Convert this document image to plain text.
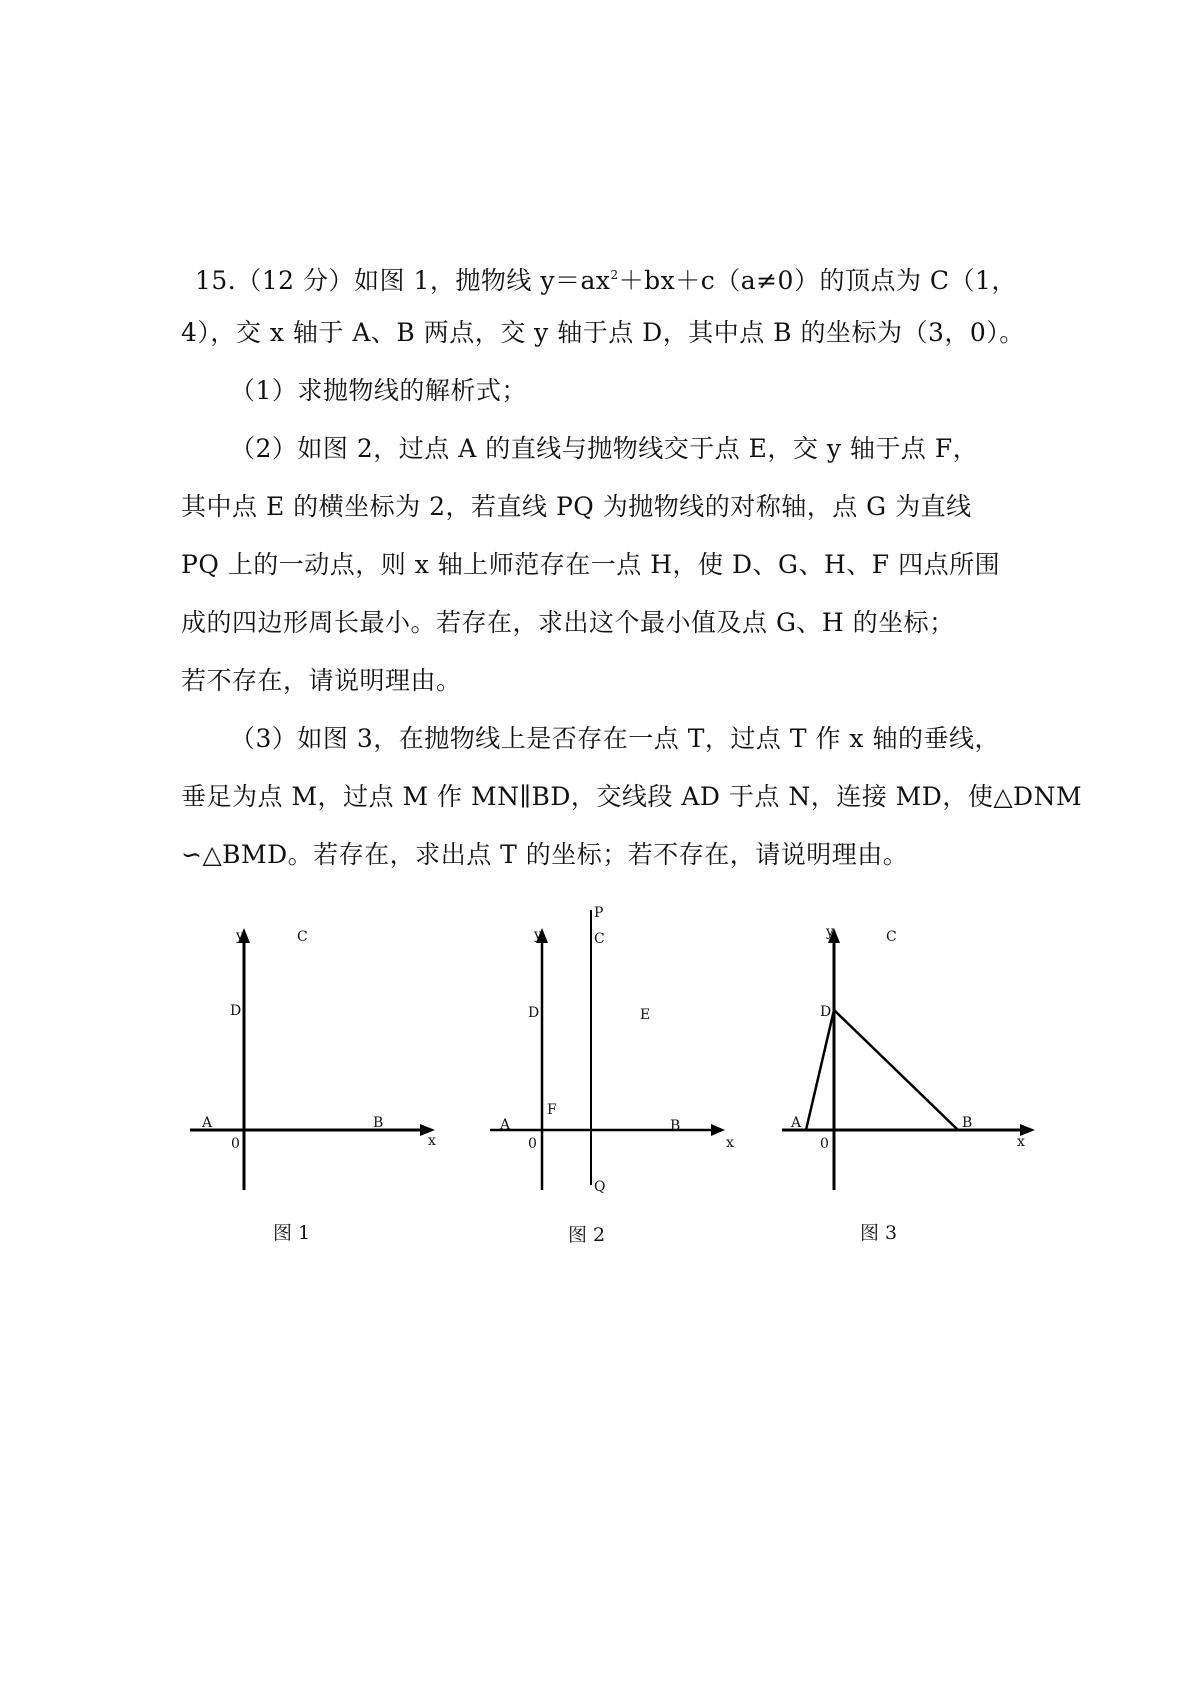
15.（12 分）如图 1，抛物线 $y=ax^2+bx+c(a\ne 0)$的顶点为 C（1，
4），交 x 轴于 A、B 两点，交 y 轴于点 D，其中点 B 的坐标为（3，0）。
（1）求抛物线的解析式；
（2）如图 2，过点 A 的直线与抛物线交于点 E，交 y 轴于点 F，
其中点 E 的横坐标为 2，若直线 PQ 为抛物线的对称轴，点 G 为直线
PQ 上的一动点，则 x 轴上师范存在一点 H，使 D、G、H、F 四点所围
成的四边形周长最小。若存在，求出这个最小值及点 G、H 的坐标；
若不存在，请说明理由。
（3）如图 3，在抛物线上是否存在一点 T，过点 T 作 x 轴的垂线，
垂足为点 M，过点 M 作 MN∥BD，交线段 AD 于点 N，连接 MD，使△DNM
∽△BMD。若存在，求出点 T 的坐标；若不存在，请说明理由。
y	C
D
A	B
0	x
图 1
P
y	C
D	E
F
A	B
0	x
Q
图 2
y	C
D
A	B
0	x
图 3
